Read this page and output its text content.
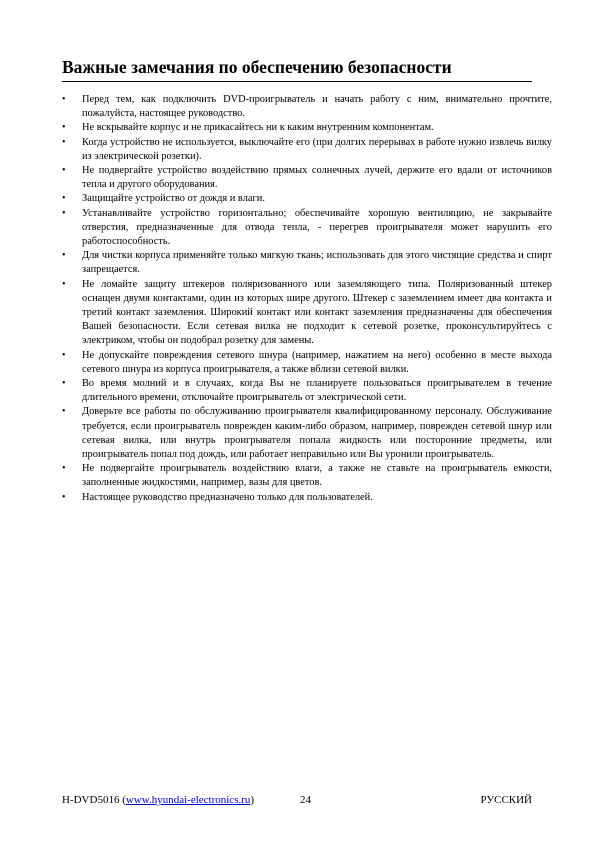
Важные замечания по обеспечению безопасности
• Перед тем, как подключить DVD-проигрыватель и начать работу с ним, внимательно прочтите, пожалуйста, настоящее руководство.
• Не вскрывайте корпус и не прикасайтесь ни к каким внутренним компонентам.
• Когда устройство не используется, выключайте его (при долгих перерывах в работе нужно извлечь вилку из электрической розетки).
• Не подвергайте устройство воздействию прямых солнечных лучей, держите его вдали от источников тепла и другого оборудования.
• Защищайте устройство от дождя и влаги.
• Устанавливайте устройство горизонтально; обеспечивайте хорошую вентиляцию, не закрывайте отверстия, предназначенные для отвода тепла, - перегрев проигрывателя может нарушить его работоспособность.
• Для чистки корпуса применяйте только мягкую ткань; использовать для этого чистящие средства и спирт запрещается.
• Не ломайте защиту штекеров поляризованного или заземляющего типа. Поляризованный штекер оснащен двумя контактами, один из которых шире другого. Штекер с заземлением имеет два контакта и третий контакт заземления. Широкий контакт или контакт заземления предназначены для обеспечения Вашей безопасности. Если сетевая вилка не подходит к сетевой розетке, проконсультируйтесь с электриком, чтобы он подобрал розетку для замены.
• Не допускайте повреждения сетевого шнура (например, нажатием на него) особенно в месте выхода сетевого шнура из корпуса проигрывателя, а также вблизи сетевой вилки.
• Во время молний и в случаях, когда Вы не планируете пользоваться проигрывателем в течение длительного времени, отключайте проигрыватель от электрической сети.
• Доверьте все работы по обслуживанию проигрывателя квалифицированному персоналу. Обслуживание требуется, если проигрыватель поврежден каким-либо образом, например, поврежден сетевой шнур или сетевая вилка, или внутрь проигрывателя попала жидкость или посторонние предметы, или проигрыватель попал под дождь, или работает неправильно или Вы уронили проигрыватель.
• Не подвергайте проигрыватель воздействию влаги, а также не ставьте на проигрыватель емкости, заполненные жидкостями, например, вазы для цветов.
• Настоящее руководство предназначено только для пользователей.
H-DVD5016 (www.hyundai-electronics.ru)	24	РУССКИЙ
